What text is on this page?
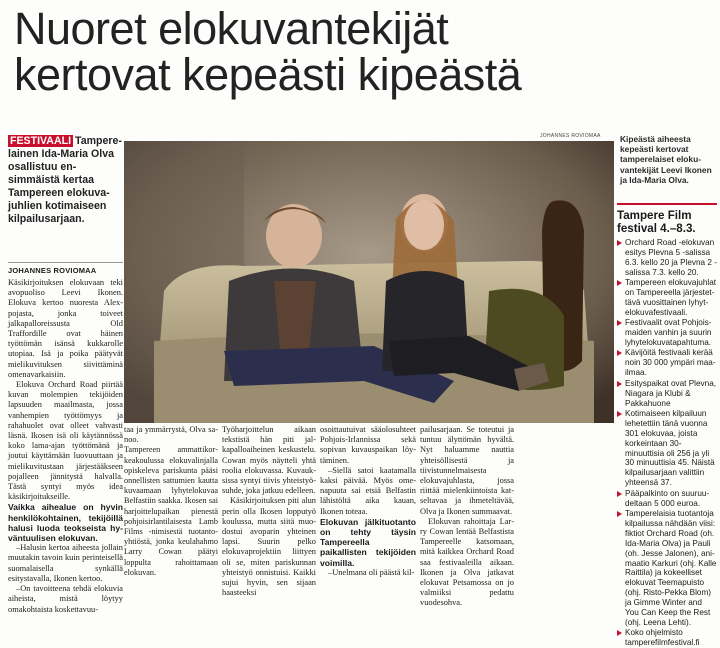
Nuoret elokuvantekijät
kertovat kepeästi kipeästä
FESTIVAALI Tamperelainen Ida-Maria Olva osallistuu ensimmäistä kertaa Tampereen elokuvajuhlien kotimaiseen kilpailusarjaan.
JOHANNES ROVIOMAA

Käsikirjoituksen elokuvaan teki avopuoliso Leevi Ikonen. Elokuva kertoo nuoresta Alex-pojasta, jonka toiveet jalkapalloreissusta Old Traffordille ovat häinen työttömän isänsä kukkarolle utopiaa. Isä ja poika päätyvät mielikuvituksen siivittäminä omenavarkaisiin.

Elokuva Orchard Road piirtää kuvan molempien tekijöiden lapsuuden maailmasta, jossa vanhempien työttömyys ja rahahuolet ovat olleet vahvasti läsnä. Ikosen isä oli käytännössä koko lama-ajan työttömänä ja joutui käyttämään luovuuttaan ja mielikuvitustaan järjestääkseen pojalleen jännitystä halvalla. Tästä syntyi myös idea käsikirjoitukseille.

Vaikka aihealue on hyvin henkilökohtainen, tekijöillä halusi luoda teokseista hyväntuulisen elokuvan.

–Halusin kertoa aiheesta jollain muutakin tavoin kuin perinteisellä suomalaisella synkällä esitystavalla, Ikonen kertoo.

–On tavoitteena tehdä elokuvia aiheista, mistä löytyy omakohtaista koskettavuu-

taa ja ymmärrystä, Olva sanoo.

Tampereen ammattikorkeakoulussa elokuvalinjalla opiskeleva pariskunta pääsi onnellisten sattumien kautta kuvaamaan lyhytelokuvaa Belfastiin saakka. Ikosen sai harjoittelupaikan pienestä pohjoisirlantilaisesta Lamb Films -nimisestä tuotantoyhtiöstä, jonka keulahahmo Larry Cowan päätyi loppulta rahoittamaan elokuvan.

Työharjoittelun aikaan tekstistä hän piti jalkapalloaiheinen keskustelu. Cowan myös näytteli yhtä roolia elokuvassa. Kuvauksissa syntyi tiivis yhteistyösuhde, joka jatkuu edelleen.

Käsikirjoituksen piti alun perin olla Ikosen lopputyö koulussa, mutta siitä muodostui avoparin yhteinen lapsi. Suurin pelko elokuvaprojektiin liittyen oli se, miten pariskunnan yhteistyö onnistuisi. Kaikki sujui hyvin, sen sijaan haasteeksi

osoittautuivat sääolosuhteet Pohjois-Irlannissa sekä sopivan kuvauspaikan löytäminen.

–Siellä satoi kaatamalla kaksi päivää. Myös omenapuuta sai etsiä Belfastin lähistöltä aika kauan, Ikonen toteaa.

Elokuvan jälkituotanto on tehty täysin Tampereella paikallisten tekijöiden voimilla.

–Unelmana oli päästä kil-

pailusarjaan. Se toteutui ja tuntuu älyttömän hyvältä. Nyt haluamme nauttia yhteisöllisestä ja tiivistunnelmaisesta elokuvajuhlasta, jossa riittää mielenkiintoista katseltavaa ja ihmeteltävää, Olva ja Ikonen summaavat.

Elokuvan rahoittaja Larry Cowan lentää Belfastista Tampereelle katsomaan, mitä kaikkea Orchard Road saa festivaaleilla aikaan. Ikonen ja Olva jatkavat elokuvat Petsamossa on jo valmiiksi pedattu vuodesohva.

JOHANNES ROVIOMAA Kipeästä aiheesta kepeästi kertovat tamperelaiset elokuvantekijät Leevi Ikonen ja Ida-Maria Olva.
Tampere Film festival 4.–8.3.
Orchard Road -elokuvan esitys Plevna 5 -salissa 6.3. kello 20 ja Plevna 2 -salissa 7.3. kello 20.
Tampereen elokuvajuhlat on Tampereella järjestettävä vuosittainen lyhytelokuvafestivaali.
Festivaalit ovat Pohjoismaiden vanhin ja suurin lyhytelokuvatapahtuma.
Kävijöitä festivaali kerää noin 30 000 ympäri maailmaa.
Esityspaikat ovat Plevna, Niagara ja Klubi & Pakkahuone
Kotimaiseen kilpailuun lehetettiin tänä vuonna 301 elokuvaa, joista korkeintaan 30-minuuttisia oli 256 ja yli 30 minuuttisia 45. Näistä kilpailusarjaan valittiin yhteensä 37.
Pääpalkinto on suuruudeltaan 5 000 euroa.
Tamperelaisia tuotantoja kilpailussa nähdään viisi: fiktiot Orchard Road (oh. Ida-Maria Olva) ja Pauli (oh. Jesse Jalonen), animaatio Karkuri (ohj. Kalle Raittila) ja kokeelliset elokuvat Teemapuisto (ohj. Risto-Pekka Blom) ja Gimme Winter and You Can Keep the Rest (ohj. Leena Lehti).
Koko ohjelmisto tamperefilmfestival.fi
